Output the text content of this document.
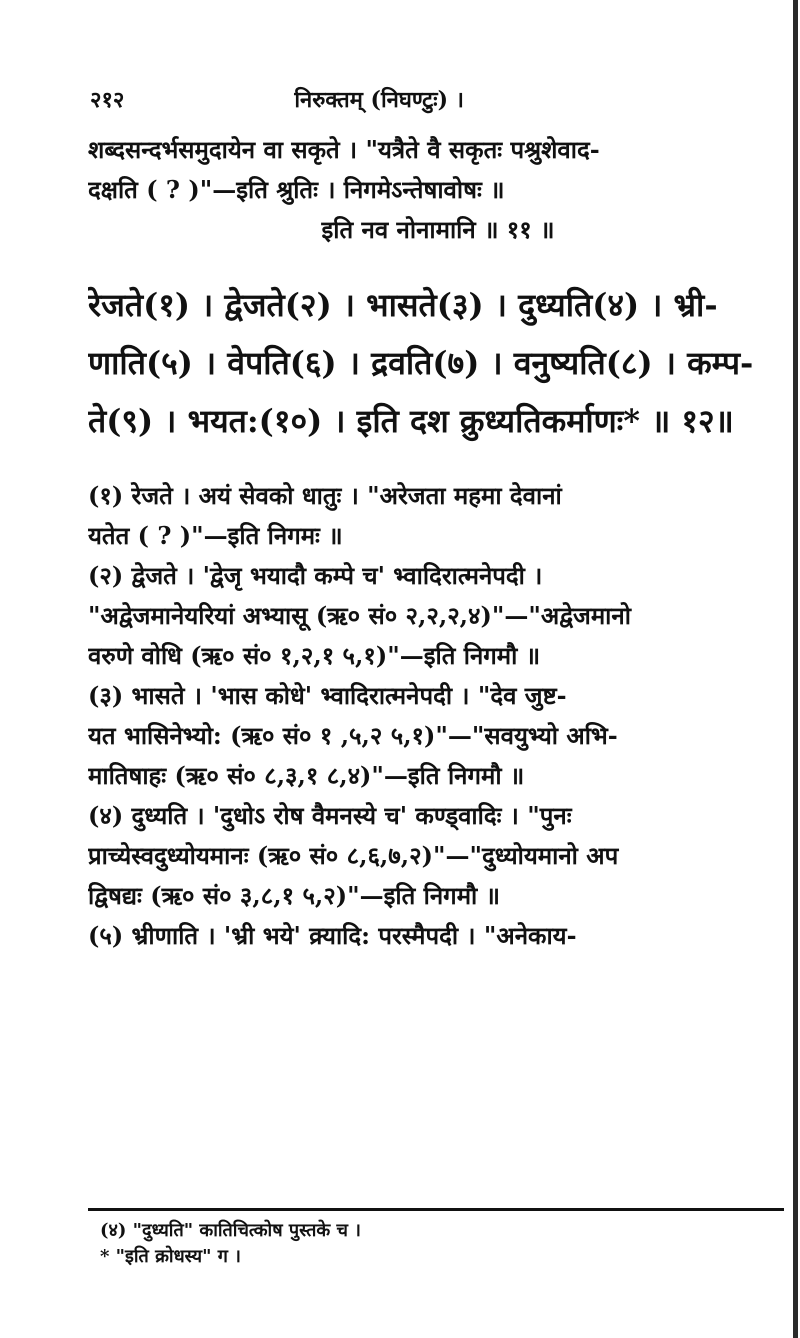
२१२	निरुक्तम् (निघण्टुः) ।
शब्दसन्दर्भसमुदायेन वा सकृते । "यत्रैते वै सकृतः पश्रुशेवाद-
दक्षति ( ? )"—इति श्रुतिः । निगमेऽन्तेषावोषः ॥
इति नव नोनामानि ॥ ११ ॥
रेजते(१) । द्वेजते(२) । भासते(३) । दुध्यति(४) । भ्री-
णाति(५) । वेपति(६) । द्रवति(७) । वनुष्यति(८) । कम्प-
ते(९) । भयत:(१०) । इति दश क्रुध्यतिकर्माणः* ॥ १२॥
(१) रेजते । अयं सेवको धातुः । "अरेजता महमा देवानां
यतेत ( ? )"—इति निगमः ॥
(२) द्वेजते । 'द्वेजृ भयादौ कम्पे च' भ्वादिरात्मनेपदी ।
"अद्वेजमानेयरियां अभ्यासू (ऋ० सं० २,२,२,४)"—"अद्वेजमानो
वरुणे वोधि (ऋ० सं० १,२,१ ५,१)"—इति निगमौ ॥
(३) भासते । 'भास कोधे' भ्वादिरात्मनेपदी । "देव जुष्ट-
यत भासिनेभ्यो: (ऋ० सं० १ ,५,२ ५,१)"—"सवयुभ्यो अभि-
मातिषाहः (ऋ० सं० ८,३,१ ८,४)"—इति निगमौ ॥
(४) दुध्यति । 'दुधोऽ रोष वैमनस्ये च' कण्ड्वादिः । "पुनः
प्राच्येस्वदुध्योयमानः (ऋ० सं० ८,६,७,२)"—"दुध्योयमानो अप
द्विषद्यः (ऋ० सं० ३,८,१ ५,२)"—इति निगमौ ॥
(५) भ्रीणाति । 'भ्री भये' क्र्यादि: परस्मैपदी । "अनेकाय-
(४) "दुध्यति" कातिचित्कोष पुस्तके च ।
* "इति क्रोधस्य" ग ।
